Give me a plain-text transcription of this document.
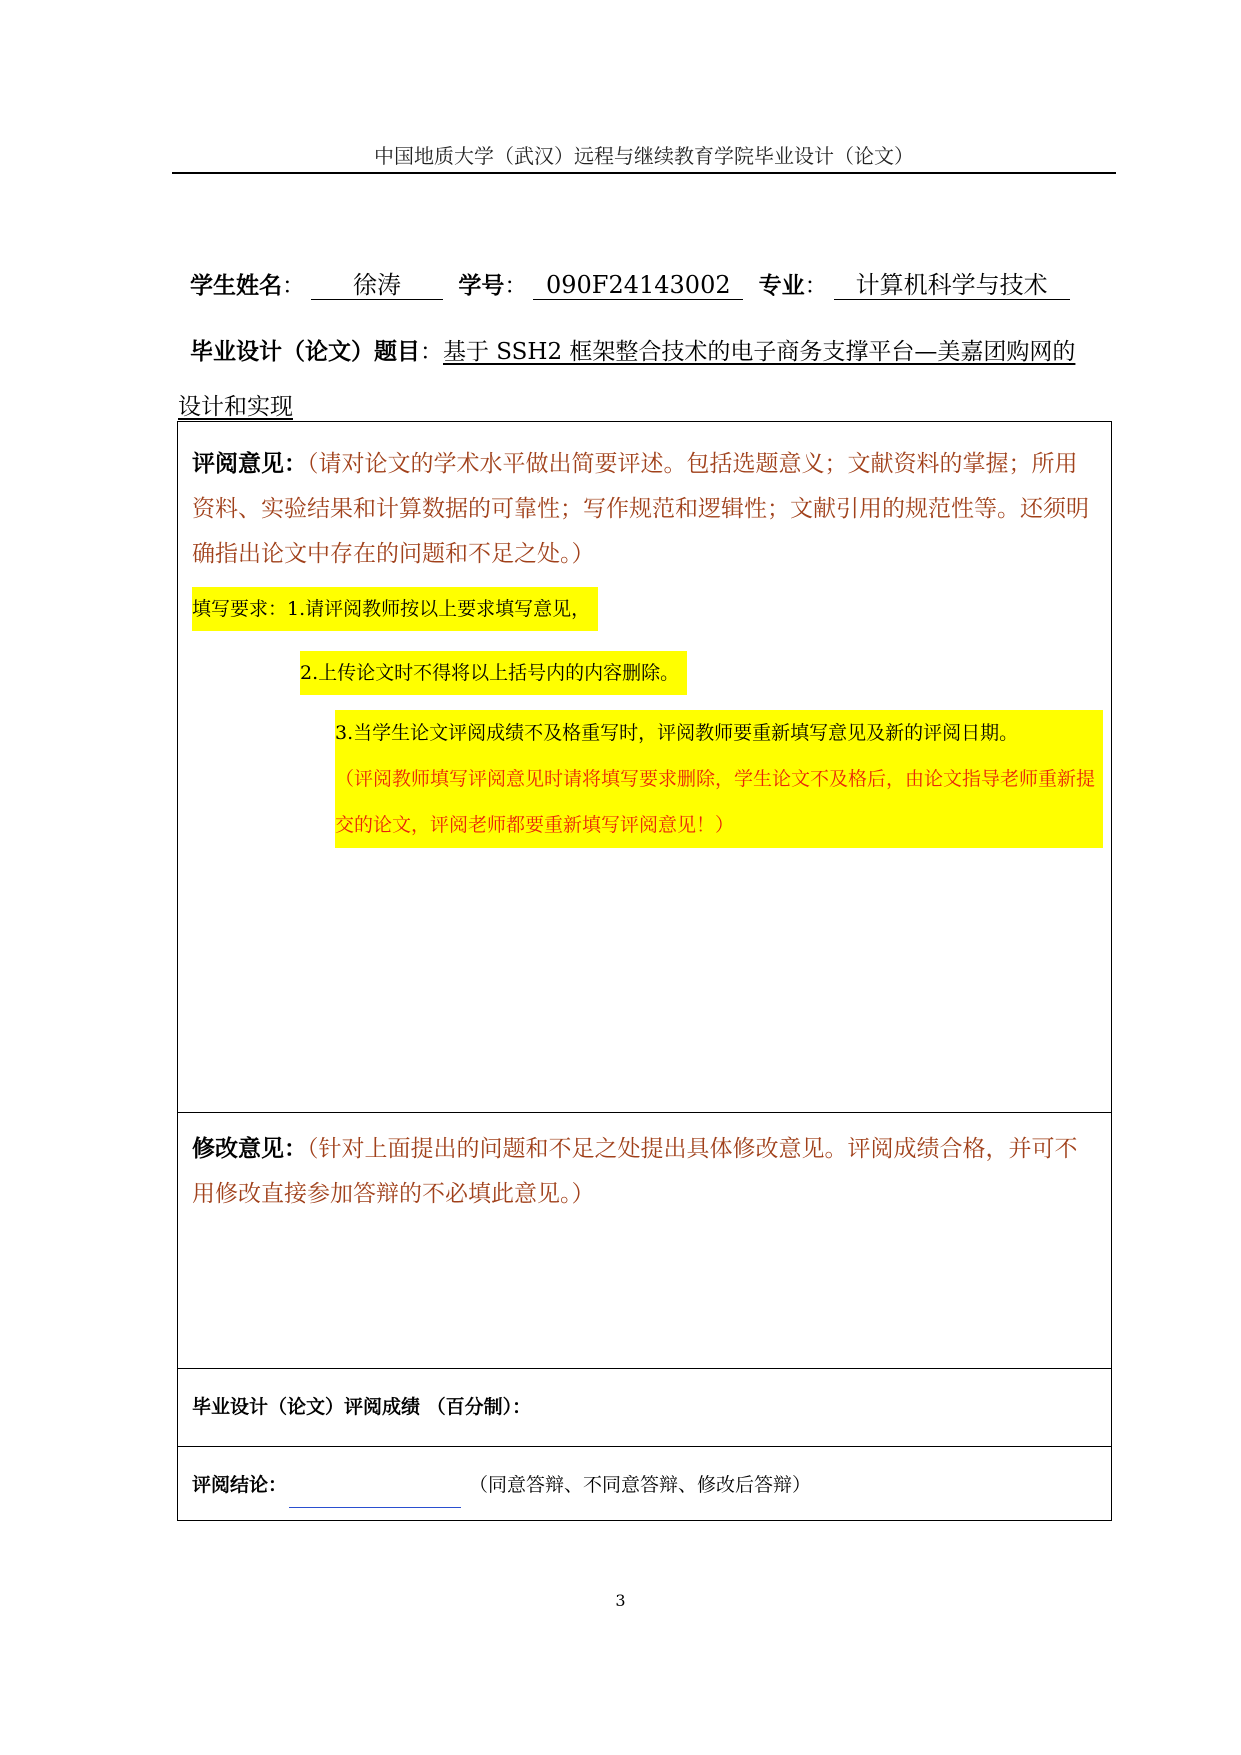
中国地质大学（武汉）远程与继续教育学院毕业设计（论文）
学生姓名： 徐涛 学号： 090F24143002 专业： 计算机科学与技术
毕业设计（论文）题目：基于 SSH2 框架整合技术的电子商务支撑平台—美嘉团购网的
设计和实现
评阅意见：（请对论文的学术水平做出简要评述。包括选题意义；文献资料的掌握；所用资料、实验结果和计算数据的可靠性；写作规范和逻辑性；文献引用的规范性等。还须明确指出论文中存在的问题和不足之处。）
填写要求：1.请评阅教师按以上要求填写意见，
2.上传论文时不得将以上括号内的内容删除。
3.当学生论文评阅成绩不及格重写时，评阅教师要重新填写意见及新的评阅日期。
（评阅教师填写评阅意见时请将填写要求删除，学生论文不及格后，由论文指导老师重新提交的论文，评阅老师都要重新填写评阅意见！）
修改意见：（针对上面提出的问题和不足之处提出具体修改意见。评阅成绩合格，并可不用修改直接参加答辩的不必填此意见。）
毕业设计（论文）评阅成绩 （百分制）：
评阅结论：	（同意答辩、不同意答辩、修改后答辩）
3
